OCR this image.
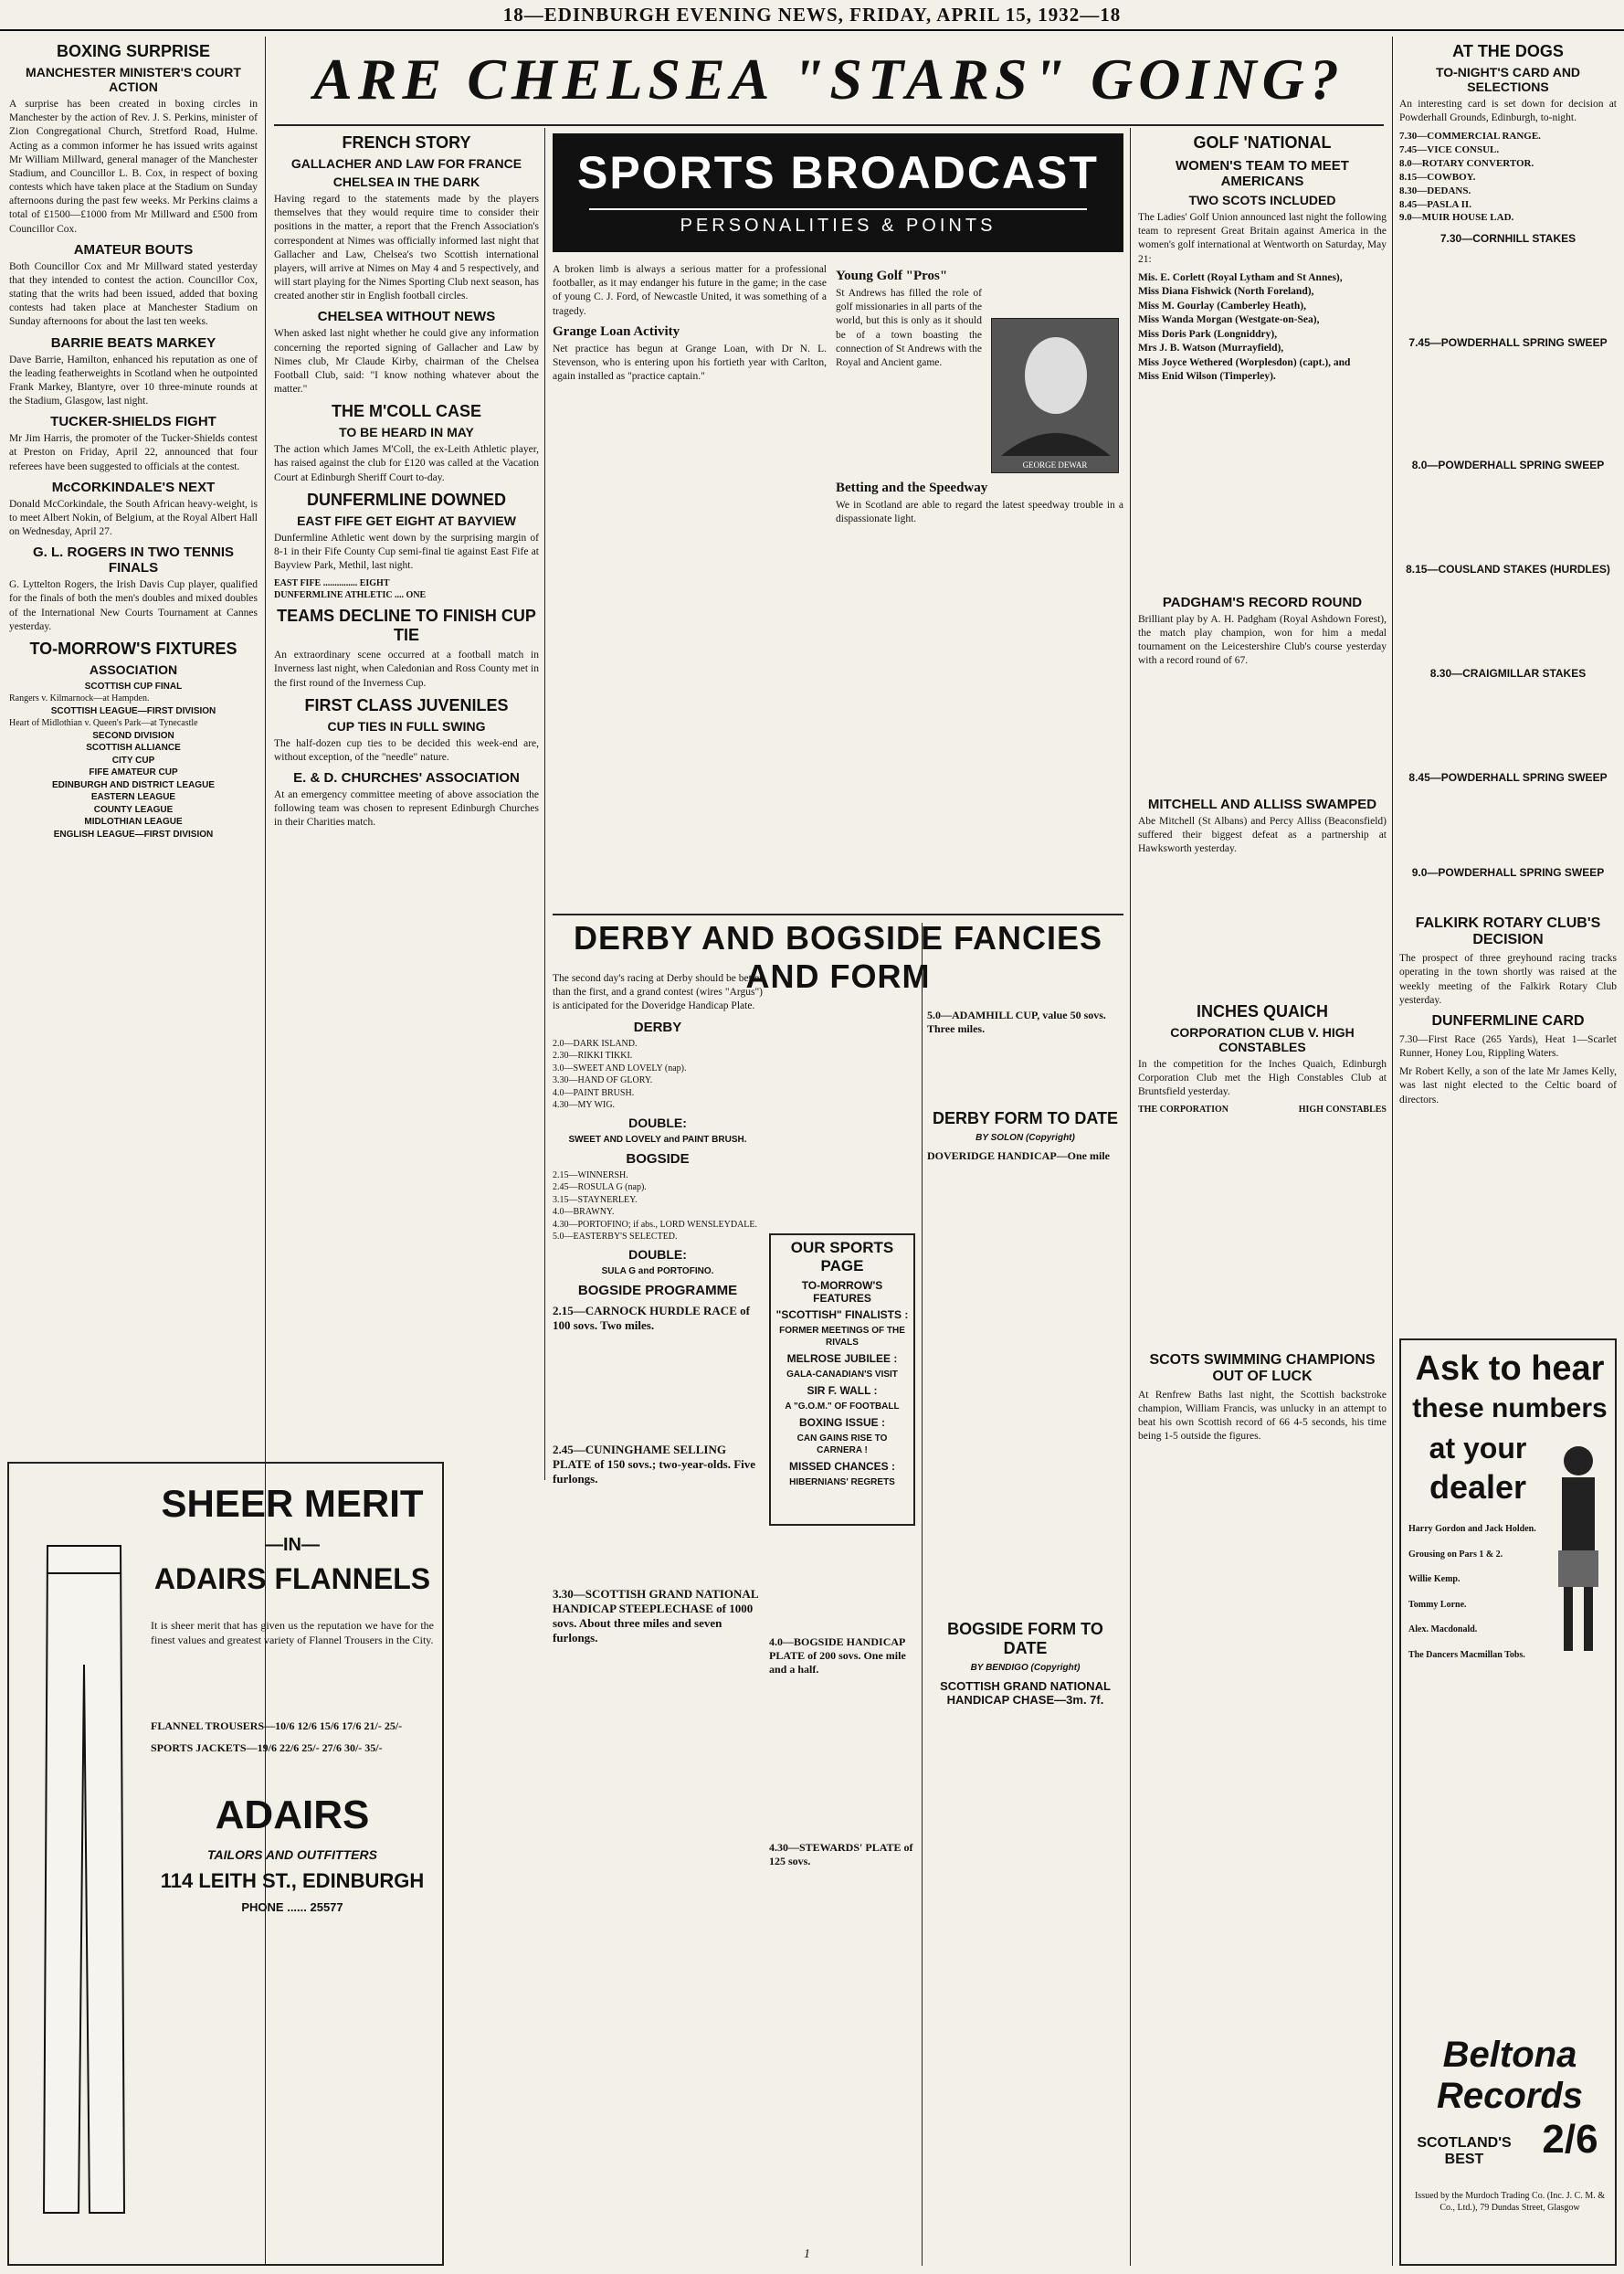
18—EDINBURGH EVENING NEWS, FRIDAY, APRIL 15, 1932—18
ARE CHELSEA "STARS" GOING?
BOXING SURPRISE
MANCHESTER MINISTER'S COURT ACTION

A surprise has been created in boxing circles in Manchester by the action of Rev. J. S. Perkins, minister of Zion Congregational Church, Stretford Road, Hulme. Acting as a common informer he has issued writs against Mr William Millward, general manager of the Manchester Stadium, and Councillor L. B. Cox, in respect of boxing contests which have taken place at the Stadium on Sunday afternoons during the past few weeks. Mr Perkins claims a total of £1500—£1000 from Mr Millward and £500 from Councillor Cox.

AMATEUR BOUTS

Both Councillor Cox and Mr Millward stated yesterday that they intended to contest the action. Councillor Cox, stating that the writs had been issued, added that boxing contests had taken place at Manchester Stadium on Sunday afternoons for about the last ten weeks.

BARRIE BEATS MARKEY

Dave Barrie, Hamilton, enhanced his reputation as one of the leading featherweights in Scotland when he outpointed Frank Markey, Blantyre, over 10 three-minute rounds at the Stadium, Glasgow, last night.

TUCKER-SHIELDS FIGHT

Mr Jim Harris, the promoter of the Tucker-Shields contest at Preston on Friday, April 22, announced that four referees have been suggested to officials at the contest.

McCORKINDALE'S NEXT

Donald McCorkindale, the South African heavy-weight, is to meet Albert Nokin, of Belgium, at the Royal Albert Hall on Wednesday, April 27.

G. L. ROGERS IN TWO TENNIS FINALS

G. Lyttelton Rogers, the Irish Davis Cup player, qualified for the finals of both the men's doubles and mixed doubles of the International New Courts Tournament at Cannes yesterday.

TO-MORROW'S FIXTURES
ASSOCIATION
SCOTTISH CUP FINAL
Rangers v. Kilmarnock—at Hampden.
SCOTTISH LEAGUE—FIRST DIVISION
Heart of Midlothian v. Queen's Park—at Tynecastle
SECOND DIVISION
SCOTTISH ALLIANCE
CITY CUP
FIFE AMATEUR CUP
EDINBURGH AND DISTRICT LEAGUE
EASTERN LEAGUE
COUNTY LEAGUE
MIDLOTHIAN LEAGUE
ENGLISH LEAGUE—FIRST DIVISION
SHEER MERIT
—IN—
ADAIRS FLANNELS

It is sheer merit that has given us the reputation we have for the finest values and greatest variety of Flannel Trousers in the City.

FLANNEL TROUSERS—10/6 12/6 15/6 17/6 21/- 25/-
SPORTS JACKETS—19/6 22/6 25/- 27/6 30/- 35/-
ADAIRS
TAILORS AND OUTFITTERS
114 LEITH ST., EDINBURGH
PHONE ...... 25577
FRENCH STORY
GALLACHER AND LAW FOR FRANCE
CHELSEA IN THE DARK

Having regard to the statements made by the players themselves that they would require time to consider their positions in the matter, a report that the French Association's correspondent at Nimes was officially informed last night that Gallacher and Law, Chelsea's two Scottish international players, will arrive at Nimes on May 4 and 5 respectively, and will start playing for the Nimes Sporting Club next season, has created another stir in English football circles.

CHELSEA WITHOUT NEWS

When asked last night whether he could give any information concerning the reported signing of Gallacher and Law by Nimes club, Mr Claude Kirby, chairman of the Chelsea Football Club, said: "I know nothing whatever about the matter."

THE M'COLL CASE
TO BE HEARD IN MAY

The action which James M'Coll, the ex-Leith Athletic player, has raised against the club for £120 was called at the Vacation Court at Edinburgh Sheriff Court to-day.

DUNFERMLINE DOWNED
EAST FIFE GET EIGHT AT BAYVIEW

Dunfermline Athletic went down by the surprising margin of 8-1 in their Fife County Cup semi-final tie against East Fife at Bayview Park, Methil, last night.

EAST FIFE ............... EIGHT
DUNFERMLINE ATHLETIC .... ONE
TEAMS DECLINE TO FINISH CUP TIE

An extraordinary scene occurred at a football match in Inverness last night, when Caledonian and Ross County met in the first round of the Inverness Cup.

FIRST CLASS JUVENILES
CUP TIES IN FULL SWING

The half-dozen cup ties to be decided this week-end are, without exception, of the "needle" nature.

E. & D. CHURCHES' ASSOCIATION

At an emergency committee meeting of above association the following team was chosen to represent Edinburgh Churches in their Charities match.

SPORTS BROADCAST
PERSONALITIES & POINTS

A broken limb is always a serious matter for a professional footballer, as it may endanger his future in the game; in the case of young C. J. Ford, of Newcastle United, it was something of a tragedy.

Grange Loan Activity

Net practice has begun at Grange Loan, with Dr N. L. Stevenson, who is entering upon his fortieth year with Carlton, again installed as "practice captain."

Young Golf "Pros"
GEORGE DEWAR

St Andrews has filled the role of golf missionaries in all parts of the world, but this is only as it should be of a town boasting the connection of St Andrews with the Royal and Ancient game.

Betting and the Speedway

We in Scotland are able to regard the latest speedway trouble in a dispassionate light.

DERBY AND BOGSIDE FANCIES AND FORM

The second day's racing at Derby should be better than the first, and a grand contest (wires "Argus") is anticipated for the Doveridge Handicap Plate.

DERBY
2.0—DARK ISLAND.
2.30—RIKKI TIKKI.
3.0—SWEET AND LOVELY (nap).
3.30—HAND OF GLORY.
4.0—PAINT BRUSH.
4.30—MY WIG.
DOUBLE:
SWEET AND LOVELY and PAINT BRUSH.
BOGSIDE
2.15—WINNERSH.
2.45—ROSULA G (nap).
3.15—STAYNERLEY.
4.0—BRAWNY.
4.30—PORTOFINO; if abs., LORD WENSLEYDALE.
5.0—EASTERBY'S SELECTED.
DOUBLE:
SULA G and PORTOFINO.
BOGSIDE PROGRAMME
2.15—CARNOCK HURDLE RACE of 100 sovs. Two miles.
2.45—CUNINGHAME SELLING PLATE of 150 sovs.; two-year-olds. Five furlongs.
3.30—SCOTTISH GRAND NATIONAL HANDICAP STEEPLECHASE of 1000 sovs. About three miles and seven furlongs.
OUR SPORTS PAGE
TO-MORROW'S FEATURES
"SCOTTISH" FINALISTS :
FORMER MEETINGS OF THE RIVALS
MELROSE JUBILEE :
GALA-CANADIAN'S VISIT
SIR F. WALL :
A "G.O.M." OF FOOTBALL
BOXING ISSUE :
CAN GAINS RISE TO CARNERA !
MISSED CHANCES :
HIBERNIANS' REGRETS
4.0—BOGSIDE HANDICAP PLATE of 200 sovs. One mile and a half.
4.30—STEWARDS' PLATE of 125 sovs.
5.0—ADAMHILL CUP, value 50 sovs. Three miles.
DERBY FORM TO DATE
BY SOLON (Copyright)
DOVERIDGE HANDICAP—One mile
BOGSIDE FORM TO DATE
BY BENDIGO (Copyright)
SCOTTISH GRAND NATIONAL HANDICAP CHASE—3m. 7f.
GOLF 'NATIONAL
WOMEN'S TEAM TO MEET AMERICANS
TWO SCOTS INCLUDED

The Ladies' Golf Union announced last night the following team to represent Great Britain against America in the women's golf international at Wentworth on Saturday, May 21:

Mis. E. Corlett (Royal Lytham and St Annes),
Miss Diana Fishwick (North Foreland),
Miss M. Gourlay (Camberley Heath),
Miss Wanda Morgan (Westgate-on-Sea),
Miss Doris Park (Longniddry),
Mrs J. B. Watson (Murrayfield),
Miss Joyce Wethered (Worplesdon) (capt.), and
Miss Enid Wilson (Timperley).
PADGHAM'S RECORD ROUND

Brilliant play by A. H. Padgham (Royal Ashdown Forest), the match play champion, won for him a medal tournament on the Leicestershire Club's course yesterday with a record round of 67.

MITCHELL AND ALLISS SWAMPED

Abe Mitchell (St Albans) and Percy Alliss (Beaconsfield) suffered their biggest defeat as a partnership at Hawksworth yesterday.

INCHES QUAICH
CORPORATION CLUB V. HIGH CONSTABLES

In the competition for the Inches Quaich, Edinburgh Corporation Club met the High Constables Club at Bruntsfield yesterday.

THE CORPORATION	HIGH CONSTABLES
SCOTS SWIMMING CHAMPIONS OUT OF LUCK

At Renfrew Baths last night, the Scottish backstroke champion, William Francis, was unlucky in an attempt to beat his own Scottish record of 66 4-5 seconds, his time being 1-5 outside the figures.

AT THE DOGS
TO-NIGHT'S CARD AND SELECTIONS

An interesting card is set down for decision at Powderhall Grounds, Edinburgh, to-night.

7.30—COMMERCIAL RANGE.
7.45—VICE CONSUL.
8.0—ROTARY CONVERTOR.
8.15—COWBOY.
8.30—DEDANS.
8.45—PASLA II.
9.0—MUIR HOUSE LAD.
7.30—CORNHILL STAKES
7.45—POWDERHALL SPRING SWEEP
8.0—POWDERHALL SPRING SWEEP
8.15—COUSLAND STAKES (HURDLES)
8.30—CRAIGMILLAR STAKES
8.45—POWDERHALL SPRING SWEEP
9.0—POWDERHALL SPRING SWEEP
FALKIRK ROTARY CLUB'S DECISION

The prospect of three greyhound racing tracks operating in the town shortly was raised at the weekly meeting of the Falkirk Rotary Club yesterday.

DUNFERMLINE CARD

7.30—First Race (265 Yards), Heat 1—Scarlet Runner, Honey Lou, Rippling Waters.

Mr Robert Kelly, a son of the late Mr James Kelly, was last night elected to the Celtic board of directors.

Ask to hear
these numbers
at your
dealer
Harry Gordon and Jack Holden.
Grousing on Pars 1 & 2.
Willie Kemp.
Tommy Lorne.
Alex. Macdonald.
The Dancers Macmillan Tobs.
Beltona Records
SCOTLAND'S BEST	2/6
Issued by the Murdoch Trading Co. (Inc. J. C. M. & Co., Ltd.), 79 Dundas Street, Glasgow
1
